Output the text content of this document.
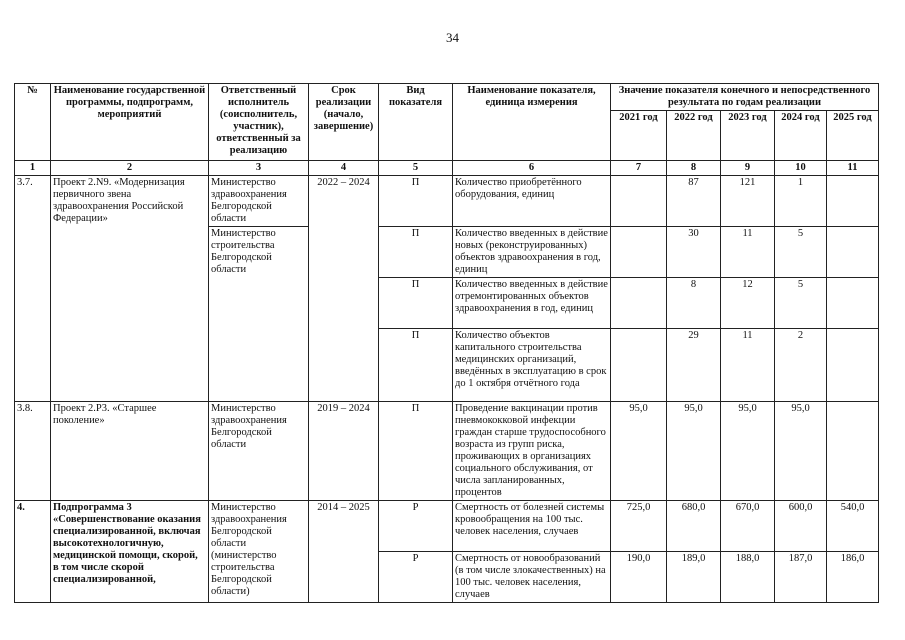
34
№	Наименование государственной программы, подпрограмм, мероприятий	Ответственный исполнитель (соисполнитель, участник), ответственный за реализацию	Срок реализации (начало, завершение)	Вид показателя	Наименование показателя, единица измерения	Значение показателя конечного и непосредственного результата по годам реализации				
						2021 год	2022 год	2023 год	2024 год	2025 год
1	2	3	4	5	6	7	8	9	10	11
3.7.	Проект 2.N9. «Модернизация первичного звена здравоохранения Российской Федерации»	Министерство здравоохранения Белгородской области	2022 – 2024	П	Количество приобретённого оборудования, единиц		87	121	1	
		Министерство строительства Белгородской области		П	Количество введенных в действие новых (реконструированных) объектов здравоохранения в год, единиц		30	11	5	
				П	Количество введенных в действие отремонтированных объектов здравоохранения в год, единиц		8	12	5	
				П	Количество объектов капитального строительства медицинских организаций, введённых в эксплуатацию в срок до 1 октября отчётного года		29	11	2	
3.8.	Проект 2.Р3. «Старшее поколение»	Министерство здравоохранения Белгородской области	2019 – 2024	П	Проведение вакцинации против пневмококковой инфекции граждан старше трудоспособного возраста из групп риска, проживающих в организациях социального обслуживания, от числа запланированных, процентов	95,0	95,0	95,0	95,0	
4.	Подпрограмма 3 «Совершенствование оказания специализированной, включая высокотехнологичную, медицинской помощи, скорой, в том числе скорой специализированной,	Министерство здравоохранения Белгородской области (министерство строительства Белгородской области)	2014 – 2025	Р	Смертность от болезней системы кровообращения на 100 тыс. человек населения, случаев	725,0	680,0	670,0	600,0	540,0
				Р	Смертность от новообразований (в том числе злокачественных) на 100 тыс. человек населения, случаев	190,0	189,0	188,0	187,0	186,0
